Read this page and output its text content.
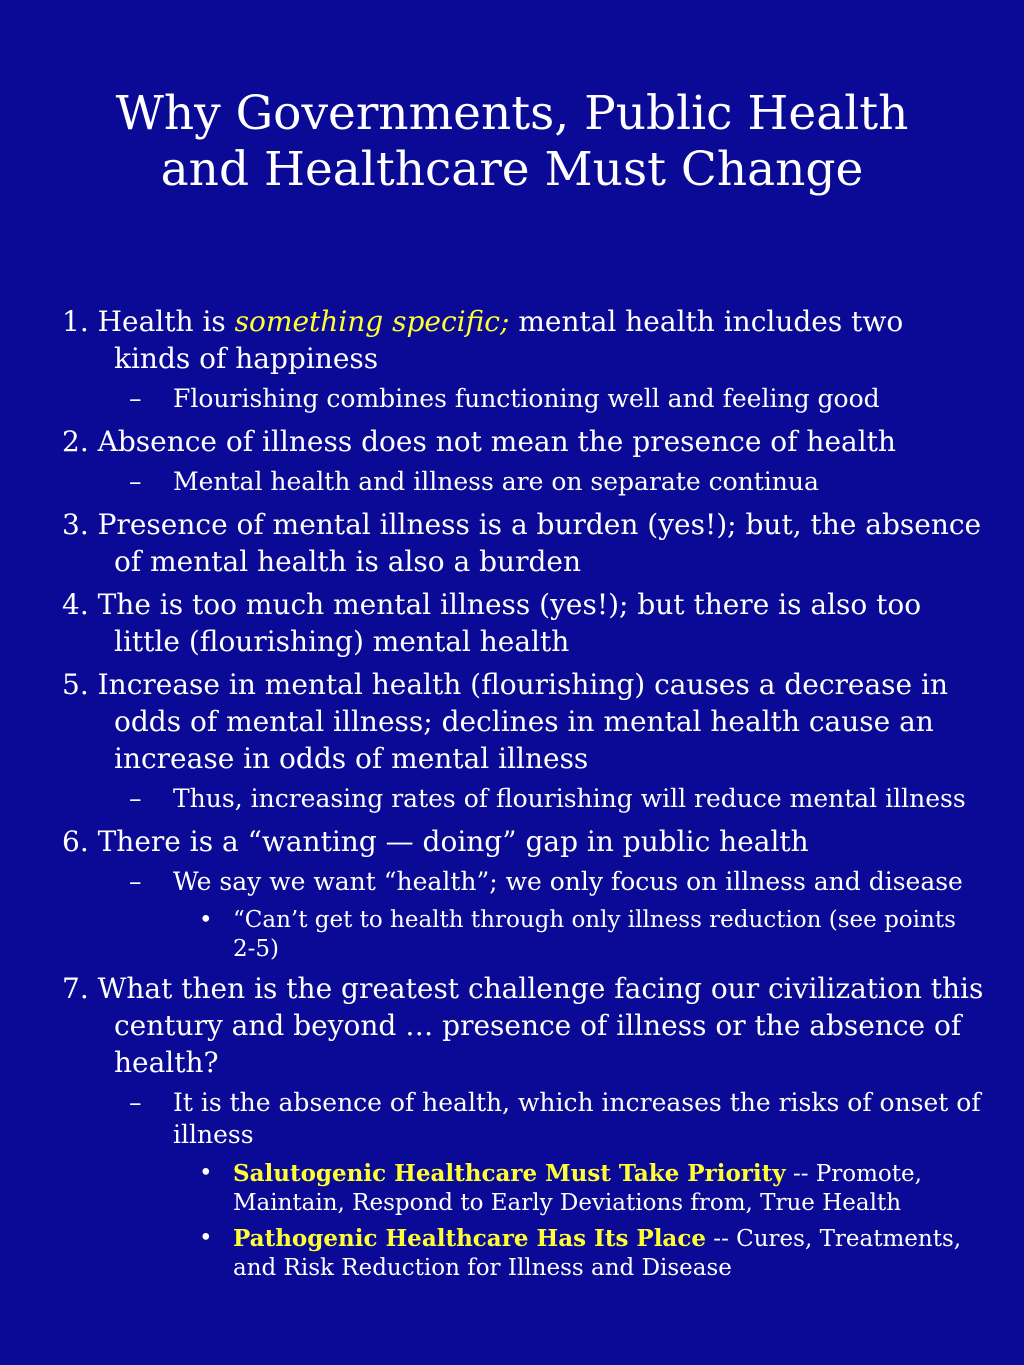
Why Governments, Public Health
and Healthcare Must Change

1. Health is something specific; mental health includes two kinds of happiness

– Flourishing combines functioning well and feeling good

2. Absence of illness does not mean the presence of health

– Mental health and illness are on separate continua

3. Presence of mental illness is a burden (yes!); but, the absence of mental health is also a burden

4. The is too much mental illness (yes!); but there is also too little (flourishing) mental health

5. Increase in mental health (flourishing) causes a decrease in odds of mental illness; declines in mental health cause an increase in odds of mental illness

– Thus, increasing rates of flourishing will reduce mental illness

6. There is a “wanting — doing” gap in public health

– We say we want “health”; we only focus on illness and disease

• “Can’t get to health through only illness reduction (see points 2-5)

7. What then is the greatest challenge facing our civilization this century and beyond … presence of illness or the absence of health?

– It is the absence of health, which increases the risks of onset of illness

• Salutogenic Healthcare Must Take Priority -- Promote, Maintain, Respond to Early Deviations from, True Health

• Pathogenic Healthcare Has Its Place -- Cures, Treatments, and Risk Reduction for Illness and Disease
